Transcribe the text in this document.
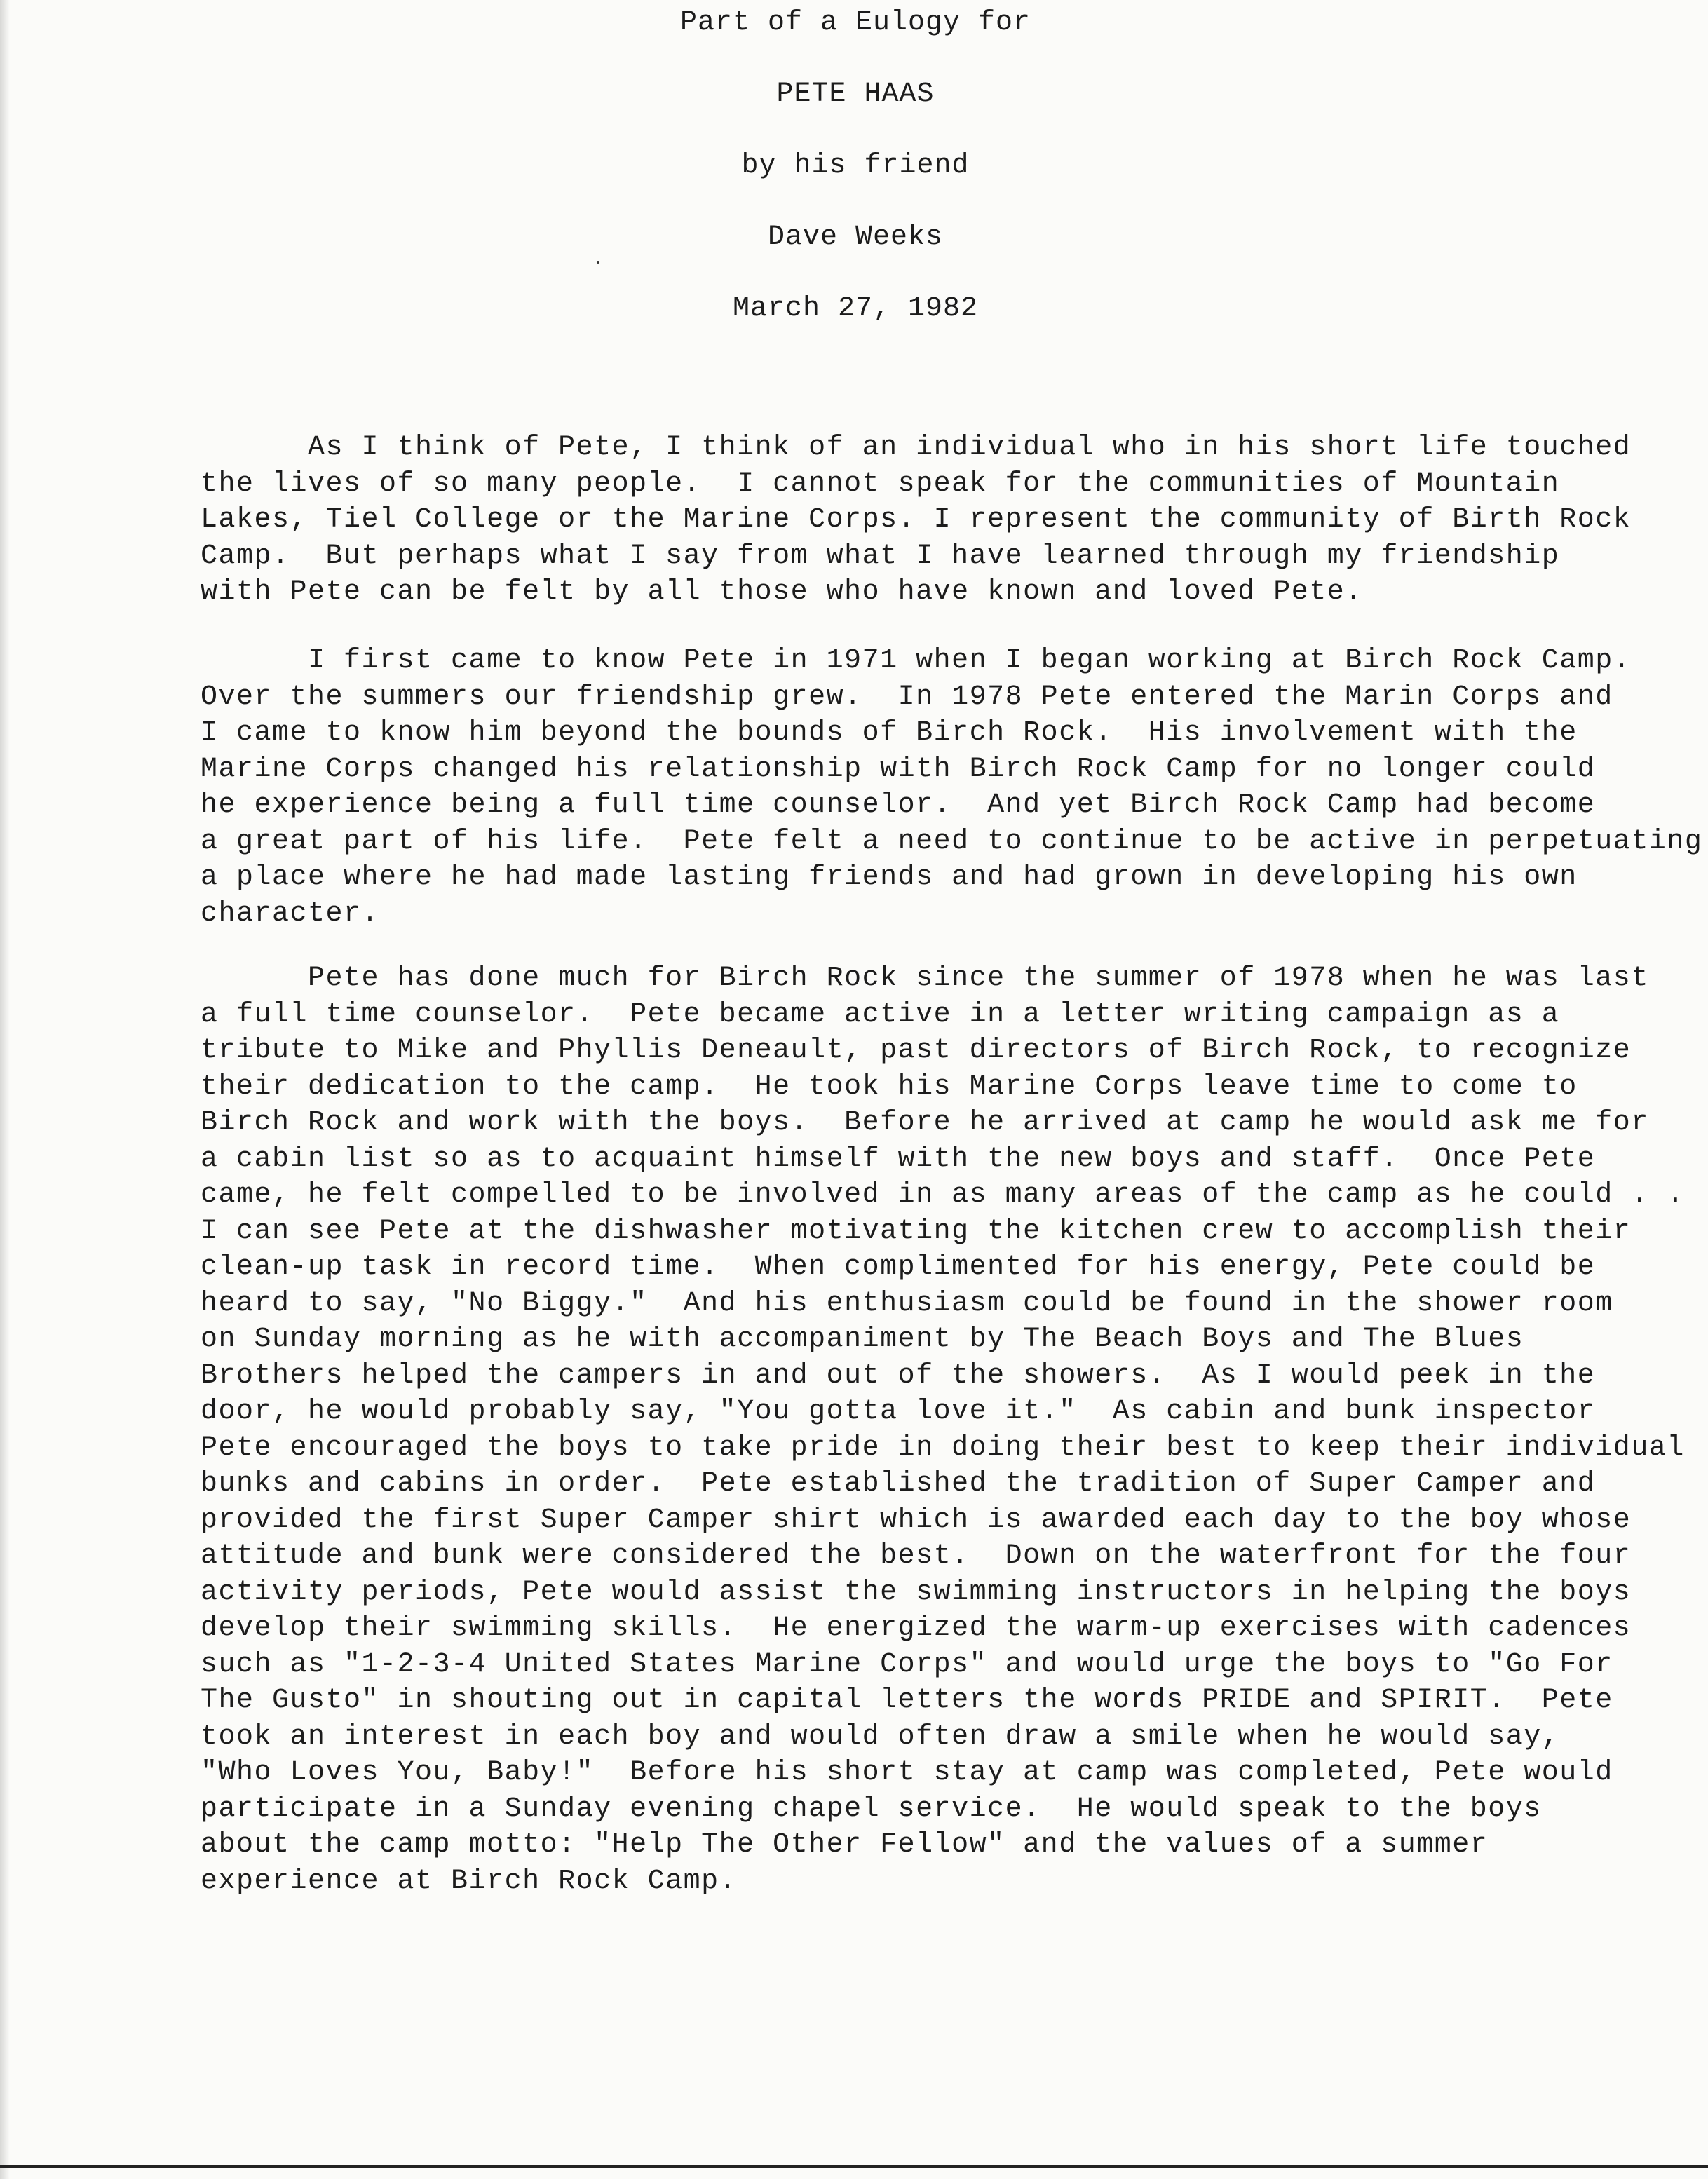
Part of a Eulogy for
PETE HAAS
by his friend
Dave Weeks
March 27, 1982
As I think of Pete, I think of an individual who in his short life touched
the lives of so many people.  I cannot speak for the communities of Mountain
Lakes, Tiel College or the Marine Corps. I represent the community of Birth Rock
Camp.  But perhaps what I say from what I have learned through my friendship
with Pete can be felt by all those who have known and loved Pete.
I first came to know Pete in 1971 when I began working at Birch Rock Camp.
Over the summers our friendship grew.  In 1978 Pete entered the Marin Corps and
I came to know him beyond the bounds of Birch Rock.  His involvement with the
Marine Corps changed his relationship with Birch Rock Camp for no longer could
he experience being a full time counselor.  And yet Birch Rock Camp had become
a great part of his life.  Pete felt a need to continue to be active in perpetuating
a place where he had made lasting friends and had grown in developing his own
character.
Pete has done much for Birch Rock since the summer of 1978 when he was last
a full time counselor.  Pete became active in a letter writing campaign as a
tribute to Mike and Phyllis Deneault, past directors of Birch Rock, to recognize
their dedication to the camp.  He took his Marine Corps leave time to come to
Birch Rock and work with the boys.  Before he arrived at camp he would ask me for
a cabin list so as to acquaint himself with the new boys and staff.  Once Pete
came, he felt compelled to be involved in as many areas of the camp as he could . .
I can see Pete at the dishwasher motivating the kitchen crew to accomplish their
clean-up task in record time.  When complimented for his energy, Pete could be
heard to say, "No Biggy."  And his enthusiasm could be found in the shower room
on Sunday morning as he with accompaniment by The Beach Boys and The Blues
Brothers helped the campers in and out of the showers.  As I would peek in the
door, he would probably say, "You gotta love it."  As cabin and bunk inspector
Pete encouraged the boys to take pride in doing their best to keep their individual
bunks and cabins in order.  Pete established the tradition of Super Camper and
provided the first Super Camper shirt which is awarded each day to the boy whose
attitude and bunk were considered the best.  Down on the waterfront for the four
activity periods, Pete would assist the swimming instructors in helping the boys
develop their swimming skills.  He energized the warm-up exercises with cadences
such as "1-2-3-4 United States Marine Corps" and would urge the boys to "Go For
The Gusto" in shouting out in capital letters the words PRIDE and SPIRIT.  Pete
took an interest in each boy and would often draw a smile when he would say,
"Who Loves You, Baby!"  Before his short stay at camp was completed, Pete would
participate in a Sunday evening chapel service.  He would speak to the boys
about the camp motto: "Help The Other Fellow" and the values of a summer
experience at Birch Rock Camp.
